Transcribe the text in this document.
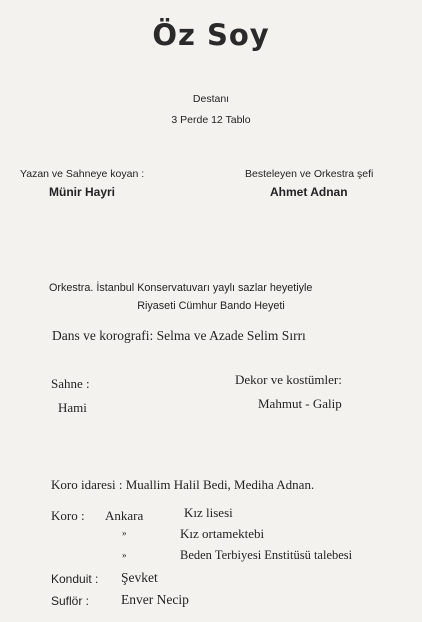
Öz Soy
Destanı
3 Perde 12 Tablo
Yazan ve Sahneye koyan :
Münir Hayri
Besteleyen ve Orkestra şefi
Ahmet Adnan
Orkestra. İstanbul Konservatuvarı yaylı sazlar heyetiyle
Riyaseti Cümhur Bando Heyeti
Dans ve korografi: Selma ve Azade Selim Sırrı
Sahne :
Hami
Dekor ve kostümler:
Mahmut - Galip
Koro idaresi : Muallim Halil Bedi, Mediha Adnan.
Koro : Ankara	Kız lisesi
»	Kız ortamektebi
»	Beden Terbiyesi Enstitüsü talebesi
Konduit : Şevket
Suflör : Enver Necip
